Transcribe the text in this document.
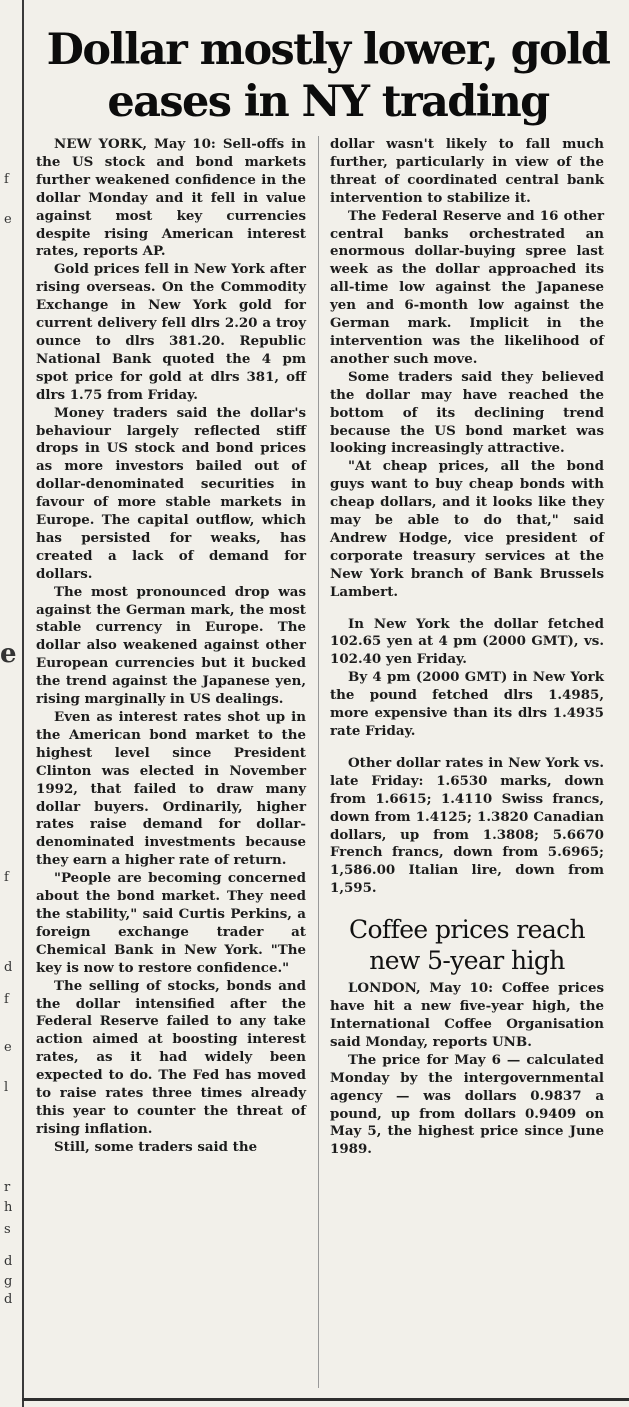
f
e
e
f
d
f
e
l
r
h
s
d
g
d
Dollar mostly lower, gold eases in NY trading

NEW YORK, May 10: Sell-offs in the US stock and bond markets further weakened confidence in the dollar Monday and it fell in value against most key currencies despite rising American interest rates, reports AP.

Gold prices fell in New York after rising overseas. On the Commodity Exchange in New York gold for current delivery fell dlrs 2.20 a troy ounce to dlrs 381.20. Republic National Bank quoted the 4 pm spot price for gold at dlrs 381, off dlrs 1.75 from Friday.

Money traders said the dollar's behaviour largely reflected stiff drops in US stock and bond prices as more investors bailed out of dollar-denominated securities in favour of more stable markets in Europe. The capital outflow, which has persisted for weaks, has created a lack of demand for dollars.

The most pronounced drop was against the German mark, the most stable currency in Europe. The dollar also weakened against other European currencies but it bucked the trend against the Japanese yen, rising marginally in US dealings.

Even as interest rates shot up in the American bond market to the highest level since President Clinton was elected in November 1992, that failed to draw many dollar buyers. Ordinarily, higher rates raise demand for dollar-denominated investments because they earn a higher rate of return.

"People are becoming concerned about the bond market. They need the stability," said Curtis Perkins, a foreign exchange trader at Chemical Bank in New York. "The key is now to restore confidence."

The selling of stocks, bonds and the dollar intensified after the Federal Reserve failed to any take action aimed at boosting interest rates, as it had widely been expected to do. The Fed has moved to raise rates three times already this year to counter the threat of rising inflation.

Still, some traders said the

dollar wasn't likely to fall much further, particularly in view of the threat of coordinated central bank intervention to stabilize it.

The Federal Reserve and 16 other central banks orchestrated an enormous dollar-buying spree last week as the dollar approached its all-time low against the Japanese yen and 6-month low against the German mark. Implicit in the intervention was the likelihood of another such move.

Some traders said they believed the dollar may have reached the bottom of its declining trend because the US bond market was looking increasingly attractive.

"At cheap prices, all the bond guys want to buy cheap bonds with cheap dollars, and it looks like they may be able to do that," said Andrew Hodge, vice president of corporate treasury services at the New York branch of Bank Brussels Lambert.

In New York the dollar fetched 102.65 yen at 4 pm (2000 GMT), vs. 102.40 yen Friday.

By 4 pm (2000 GMT) in New York the pound fetched dlrs 1.4985, more expensive than its dlrs 1.4935 rate Friday.

Other dollar rates in New York vs. late Friday: 1.6530 marks, down from 1.6615; 1.4110 Swiss francs, down from 1.4125; 1.3820 Canadian dollars, up from 1.3808; 5.6670 French francs, down from 5.6965; 1,586.00 Italian lire, down from 1,595.

Coffee prices reach new 5-year high

LONDON, May 10: Coffee prices have hit a new five-year high, the International Coffee Organisation said Monday, reports UNB.

The price for May 6 — calculated Monday by the intergovernmental agency — was dollars 0.9837 a pound, up from dollars 0.9409 on May 5, the highest price since June 1989.
